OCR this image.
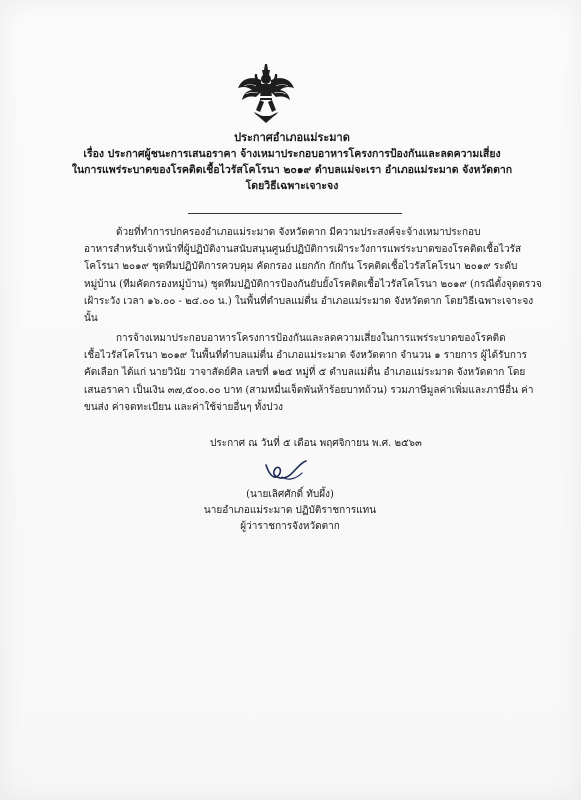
ประกาศอำเภอแม่ระมาด
เรื่อง ประกาศผู้ชนะการเสนอราคา จ้างเหมาประกอบอาหารโครงการป้องกันและลดความเสี่ยง
ในการแพร่ระบาดของโรคติดเชื้อไวรัสโคโรนา ๒๐๑๙ ตำบลแม่จะเรา อำเภอแม่ระมาด จังหวัดตาก
โดยวิธีเฉพาะเจาะจง
ด้วยที่ทำการปกครองอำเภอแม่ระมาด จังหวัดตาก มีความประสงค์จะจ้างเหมาประกอบ
อาหารสำหรับเจ้าหน้าที่ผู้ปฏิบัติงานสนับสนุนศูนย์ปฏิบัติการเฝ้าระวังการแพร่ระบาดของโรคติดเชื้อไวรัส
โคโรนา ๒๐๑๙ ชุดทีมปฏิบัติการควบคุม คัดกรอง แยกกัก กักกัน โรคติดเชื้อไวรัสโคโรนา ๒๐๑๙ ระดับ
หมู่บ้าน (ทีมคัดกรองหมู่บ้าน) ชุดทีมปฏิบัติการป้องกันยับยั้งโรคติดเชื้อไวรัสโคโรนา ๒๐๑๙ (กรณีตั้งจุดตรวจ
เฝ้าระวัง เวลา ๑๖.๐๐ - ๒๔.๐๐ น.) ในพื้นที่ตำบลแม่ตื่น อำเภอแม่ระมาด จังหวัดตาก โดยวิธีเฉพาะเจาะจง
นั้น
การจ้างเหมาประกอบอาหารโครงการป้องกันและลดความเสี่ยงในการแพร่ระบาดของโรคติด
เชื้อไวรัสโคโรนา ๒๐๑๙ ในพื้นที่ตำบลแม่ตื่น อำเภอแม่ระมาด จังหวัดตาก จำนวน ๑ รายการ ผู้ได้รับการ
คัดเลือก ได้แก่ นายวินัย วาจาสัตย์ศิล เลขที่ ๑๒๕ หมู่ที่ ๕ ตำบลแม่ตื่น อำเภอแม่ระมาด จังหวัดตาก โดย
เสนอราคา เป็นเงิน ๓๗,๕๐๐.๐๐ บาท (สามหมื่นเจ็ดพันห้าร้อยบาทถ้วน) รวมภาษีมูลค่าเพิ่มและภาษีอื่น ค่า
ขนส่ง ค่าจดทะเบียน และค่าใช้จ่ายอื่นๆ ทั้งปวง
ประกาศ ณ วันที่ ๕ เดือน พฤศจิกายน พ.ศ. ๒๕๖๓
(นายเลิศศักดิ์ ทับผึ้ง)
นายอำเภอแม่ระมาด ปฏิบัติราชการแทน
ผู้ว่าราชการจังหวัดตาก
